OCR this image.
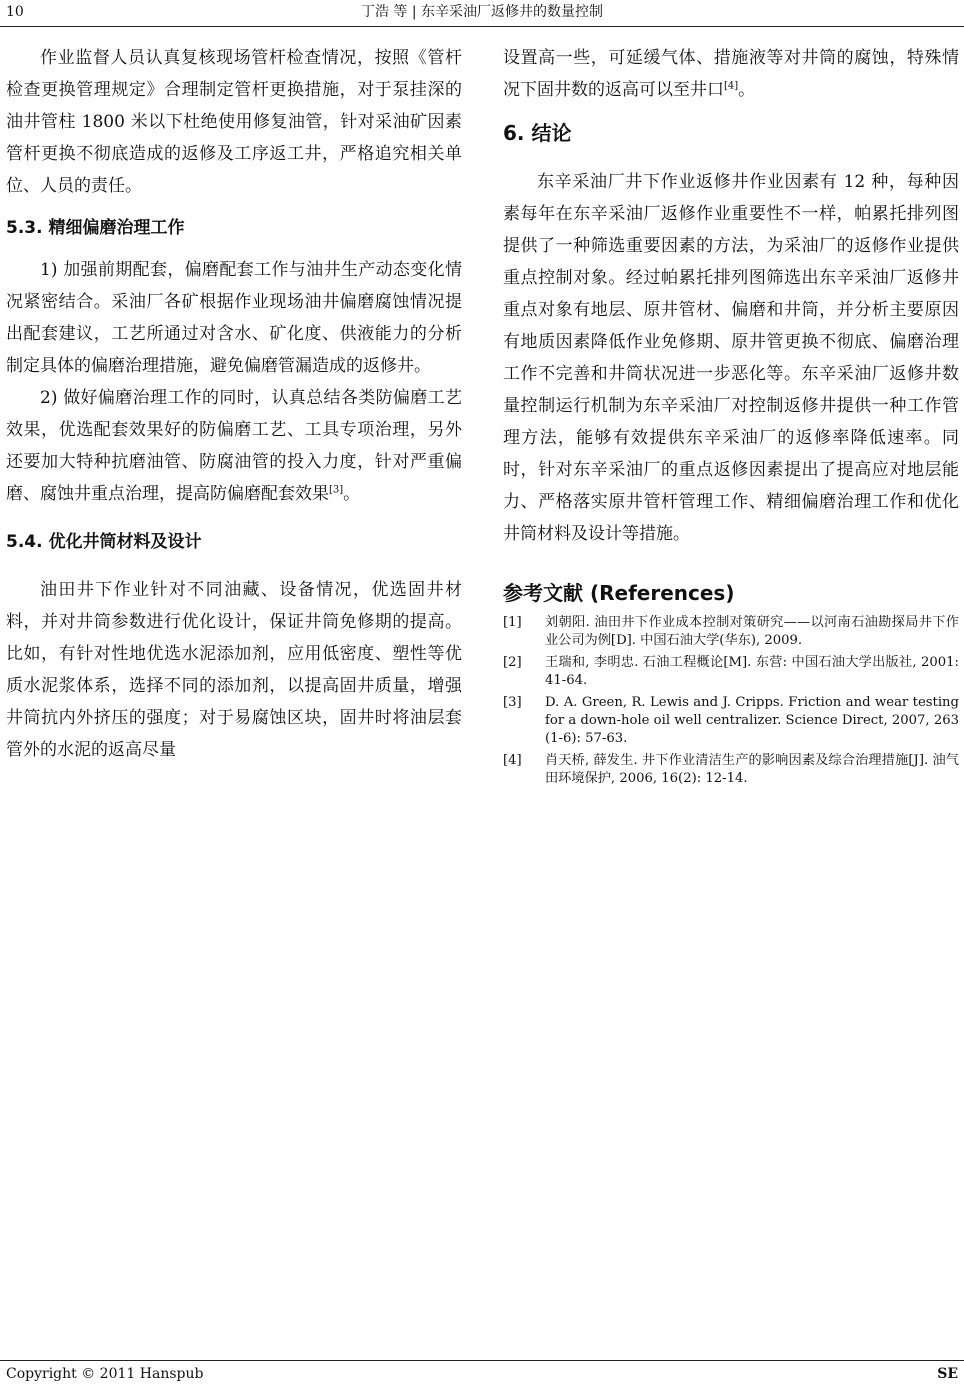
10	丁浩 等 | 东辛采油厂返修井的数量控制

作业监督人员认真复核现场管杆检查情况，按照《管杆检查更换管理规定》合理制定管杆更换措施，对于泵挂深的油井管柱 1800 米以下杜绝使用修复油管，针对采油矿因素管杆更换不彻底造成的返修及工序返工井，严格追究相关单位、人员的责任。

5.3. 精细偏磨治理工作

1) 加强前期配套，偏磨配套工作与油井生产动态变化情况紧密结合。采油厂各矿根据作业现场油井偏磨腐蚀情况提出配套建议，工艺所通过对含水、矿化度、供液能力的分析制定具体的偏磨治理措施，避免偏磨管漏造成的返修井。

2) 做好偏磨治理工作的同时，认真总结各类防偏磨工艺效果，优选配套效果好的防偏磨工艺、工具专项治理，另外还要加大特种抗磨油管、防腐油管的投入力度，针对严重偏磨、腐蚀井重点治理，提高防偏磨配套效果[3]。

5.4. 优化井筒材料及设计

油田井下作业针对不同油藏、设备情况，优选固井材料，并对井筒参数进行优化设计，保证井筒免修期的提高。比如，有针对性地优选水泥添加剂，应用低密度、塑性等优质水泥浆体系，选择不同的添加剂，以提高固井质量，增强井筒抗内外挤压的强度；对于易腐蚀区块，固井时将油层套管外的水泥的返高尽量

设置高一些，可延缓气体、措施液等对井筒的腐蚀，特殊情况下固井数的返高可以至井口[4]。

6. 结论

东辛采油厂井下作业返修井作业因素有 12 种，每种因素每年在东辛采油厂返修作业重要性不一样，帕累托排列图提供了一种筛选重要因素的方法，为采油厂的返修作业提供重点控制对象。经过帕累托排列图筛选出东辛采油厂返修井重点对象有地层、原井管材、偏磨和井筒，并分析主要原因有地质因素降低作业免修期、原井管更换不彻底、偏磨治理工作不完善和井筒状况进一步恶化等。东辛采油厂返修井数量控制运行机制为东辛采油厂对控制返修井提供一种工作管理方法，能够有效提供东辛采油厂的返修率降低速率。同时，针对东辛采油厂的重点返修因素提出了提高应对地层能力、严格落实原井管杆管理工作、精细偏磨治理工作和优化井筒材料及设计等措施。

参考文献 (References)
[1] 刘朝阳. 油田井下作业成本控制对策研究——以河南石油勘探局井下作业公司为例[D]. 中国石油大学(华东), 2009.
[2] 王瑞和, 李明忠. 石油工程概论[M]. 东营: 中国石油大学出版社, 2001: 41-64.
[3] D. A. Green, R. Lewis and J. Cripps. Friction and wear testing for a down-hole oil well centralizer. Science Direct, 2007, 263 (1-6): 57-63.
[4] 肖天桥, 薛发生. 井下作业清洁生产的影响因素及综合治理措施[J]. 油气田环境保护, 2006, 16(2): 12-14.
Copyright © 2011 Hanspub	SE
